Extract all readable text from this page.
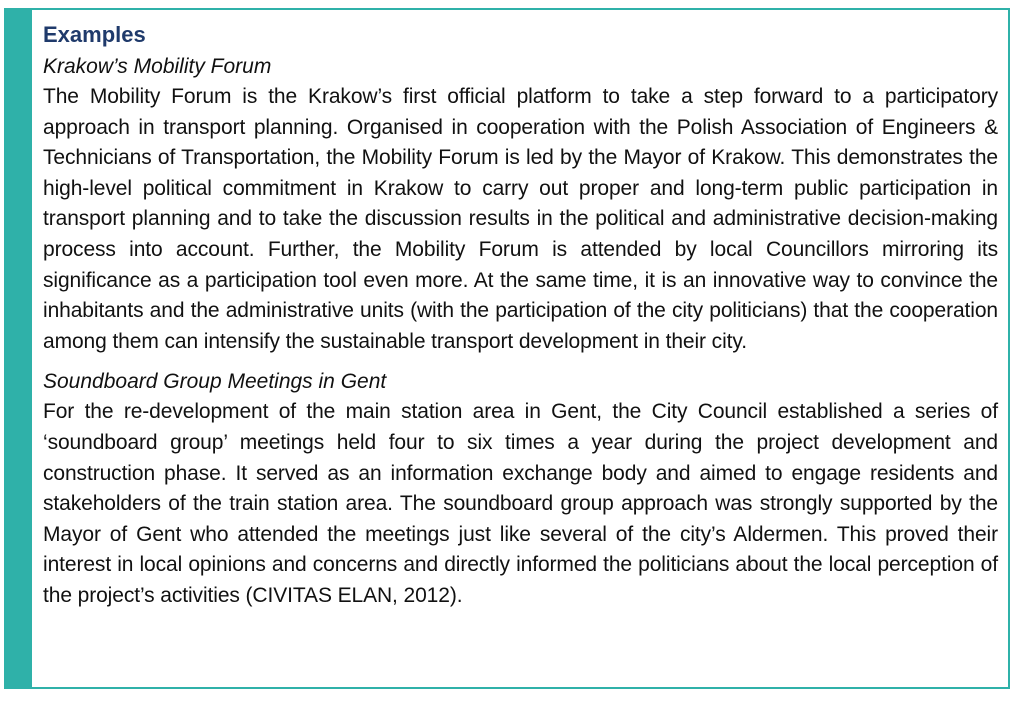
Examples

Krakow’s Mobility Forum

The Mobility Forum is the Krakow’s first official platform to take a step forward to a participatory approach in transport planning. Organised in cooperation with the Polish Association of Engineers & Technicians of Transportation, the Mobility Forum is led by the Mayor of Krakow. This demonstrates the high-level political commitment in Krakow to carry out proper and long-term public participation in transport planning and to take the discussion results in the political and administrative decision-making process into account. Further, the Mobility Forum is attended by local Councillors mirroring its significance as a participation tool even more. At the same time, it is an innovative way to convince the inhabitants and the administrative units (with the participation of the city politicians) that the cooperation among them can intensify the sustainable transport development in their city.

Soundboard Group Meetings in Gent

For the re-development of the main station area in Gent, the City Council established a series of ‘soundboard group’ meetings held four to six times a year during the project development and construction phase. It served as an information exchange body and aimed to engage residents and stakeholders of the train station area. The soundboard group approach was strongly supported by the Mayor of Gent who attended the meetings just like several of the city’s Aldermen. This proved their interest in local opinions and concerns and directly informed the politicians about the local perception of the project’s activities (CIVITAS ELAN, 2012).
